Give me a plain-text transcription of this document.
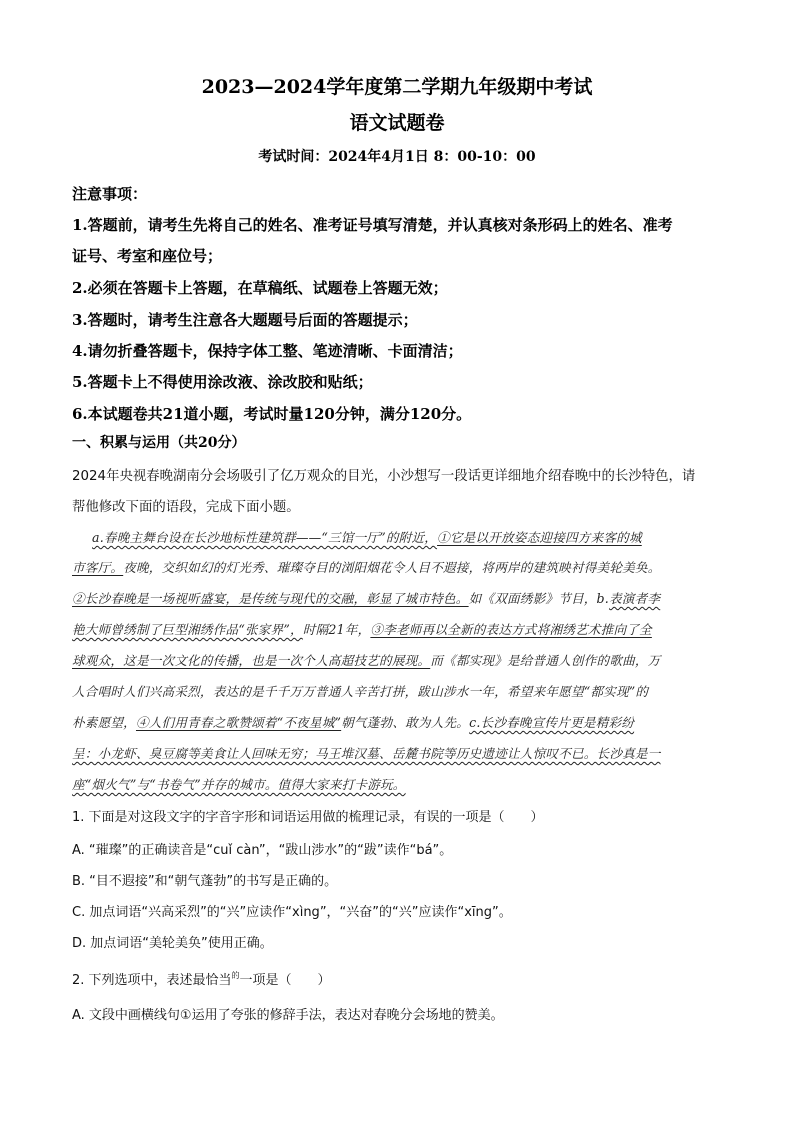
2023—2024学年度第二学期九年级期中考试
语文试题卷
考试时间：2024年4月1日 8：00-10：00
注意事项：
1.答题前，请考生先将自己的姓名、准考证号填写清楚，并认真核对条形码上的姓名、准考
证号、考室和座位号；
2.必须在答题卡上答题，在草稿纸、试题卷上答题无效；
3.答题时，请考生注意各大题题号后面的答题提示；
4.请勿折叠答题卡，保持字体工整、笔迹清晰、卡面清洁；
5.答题卡上不得使用涂改液、涂改胶和贴纸；
6.本试题卷共21道小题，考试时量120分钟，满分120分。
一、积累与运用（共20分）
2024年央视春晚湖南分会场吸引了亿万观众的目光，小沙想写一段话更详细地介绍春晚中的长沙特色，请
帮他修改下面的语段，完成下面小题。
a.春晚主舞台设在长沙地标性建筑群——“三馆一厅”的附近，①它是以开放姿态迎接四方来客的城
市客厅。夜晚，交织如幻的灯光秀、璀璨夺目的浏阳烟花令人目不遐接，将两岸的建筑映衬得美轮美奂。
②长沙春晚是一场视听盛宴，是传统与现代的交融，彰显了城市特色。如《双面绣影》节目，b.表演者李
艳大师曾绣制了巨型湘绣作品“张家界”，时隔21年，③李老师再以全新的表达方式将湘绣艺术推向了全
球观众，这是一次文化的传播，也是一次个人高超技艺的展现。而《都实现》是给普通人创作的歌曲，万
人合唱时人们兴高采烈，表达的是千千万万普通人辛苦打拼，跋山涉水一年，希望来年愿望“都实现”的
朴素愿望，④人们用青春之歌赞颂着“不夜星城”朝气蓬勃、敢为人先。c.长沙春晚宣传片更是精彩纷
呈：小龙虾、臭豆腐等美食让人回味无穷；马王堆汉墓、岳麓书院等历史遗迹让人惊叹不已。长沙真是一
座“烟火气”与“书卷气”并存的城市。值得大家来打卡游玩。
1. 下面是对这段文字的字音字形和词语运用做的梳理记录，有误的一项是（　　）
A. “璀璨”的正确读音是“cuǐ càn”，“跋山涉水”的“跋”读作“bá”。
B. “目不遐接”和“朝气蓬勃”的书写是正确的。
C. 加点词语“兴高采烈”的“兴”应读作“xìng”，“兴奋”的“兴”应读作“xīng”。
D. 加点词语“美轮美奂”使用正确。
2. 下列选项中，表述最恰当$^的$一项是（　　）
A. 文段中画横线句①运用了夸张的修辞手法，表达对春晚分会场地的赞美。
